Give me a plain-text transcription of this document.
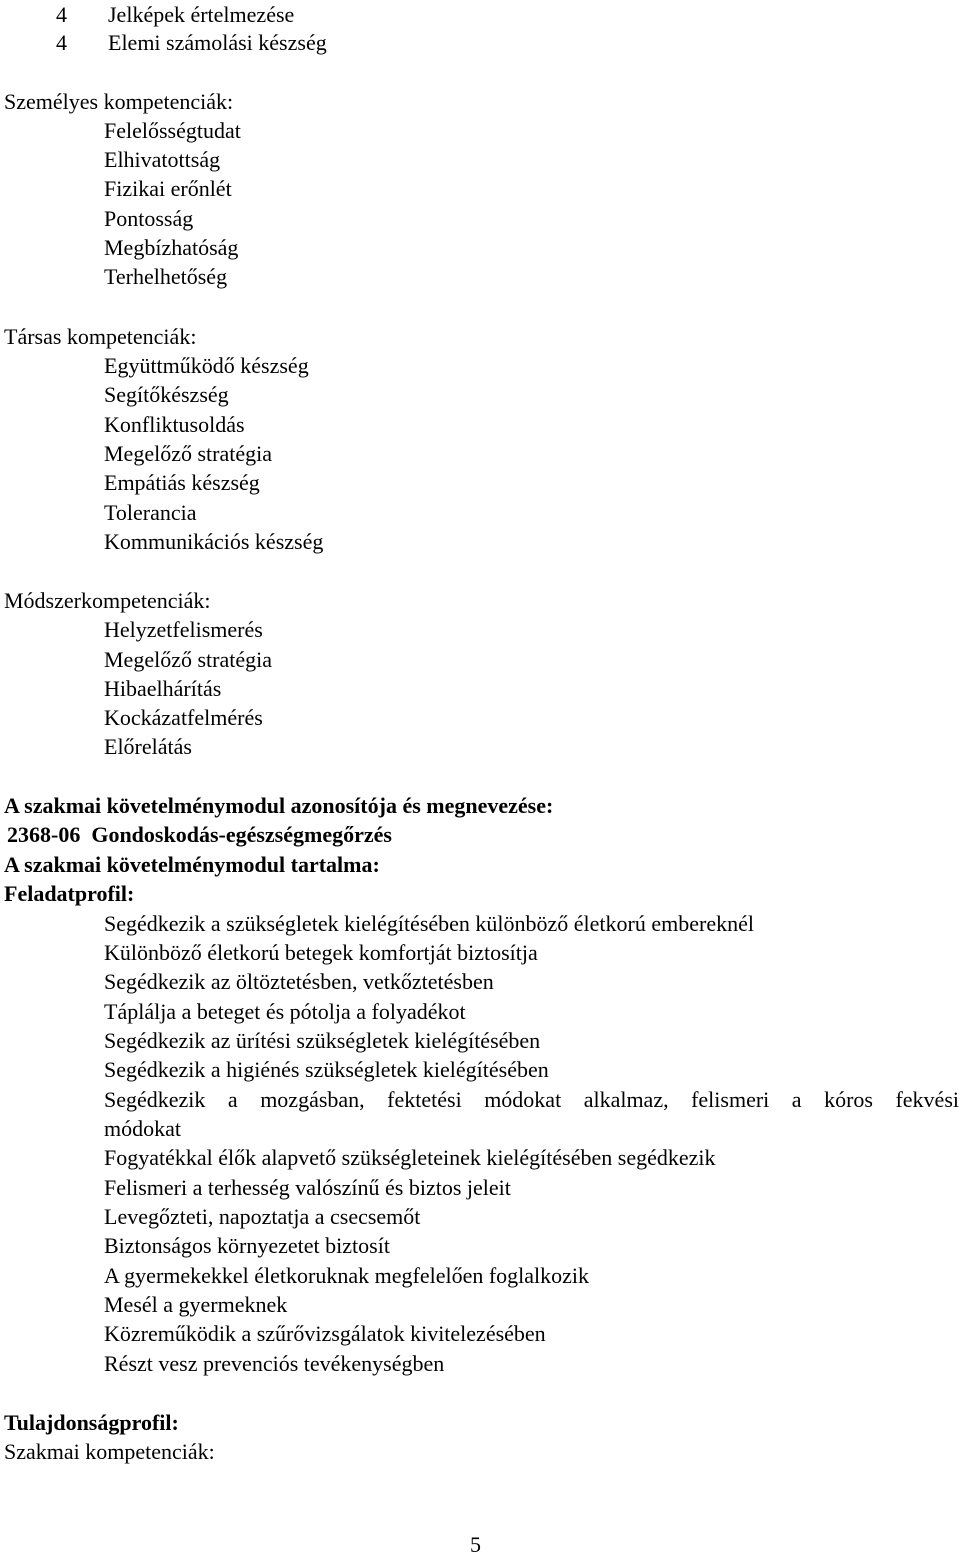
4 Jelképek értelmezése
4 Elemi számolási készség
Személyes kompetenciák:
Felelősségtudat
Elhivatottság
Fizikai erőnlét
Pontosság
Megbízhatóság
Terhelhetőség
Társas kompetenciák:
Együttműködő készség
Segítőkészség
Konfliktusoldás
Megelőző stratégia
Empátiás készség
Tolerancia
Kommunikációs készség
Módszerkompetenciák:
Helyzetfelismerés
Megelőző stratégia
Hibaelhárítás
Kockázatfelmérés
Előrelátás
A szakmai követelménymodul azonosítója és megnevezése:
2368-06  Gondoskodás-egészségmegőrzés
A szakmai követelménymodul tartalma:
Feladatprofil:
Segédkezik a szükségletek kielégítésében különböző életkorú embereknél
Különböző életkorú betegek komfortját biztosítja
Segédkezik az öltöztetésben, vetkőztetésben
Táplálja a beteget és pótolja a folyadékot
Segédkezik az ürítési szükségletek kielégítésében
Segédkezik a higiénés szükségletek kielégítésében
Segédkezik a mozgásban, fektetési módokat alkalmaz, felismeri a kóros fekvési
módokat
Fogyatékkal élők alapvető szükségleteinek kielégítésében segédkezik
Felismeri a terhesség valószínű és biztos jeleit
Levegőzteti, napoztatja a csecsemőt
Biztonságos környezetet biztosít
A gyermekekkel életkoruknak megfelelően foglalkozik
Mesél a gyermeknek
Közreműködik a szűrővizsgálatok kivitelezésében
Részt vesz prevenciós tevékenységben
Tulajdonságprofil:
Szakmai kompetenciák:
5
